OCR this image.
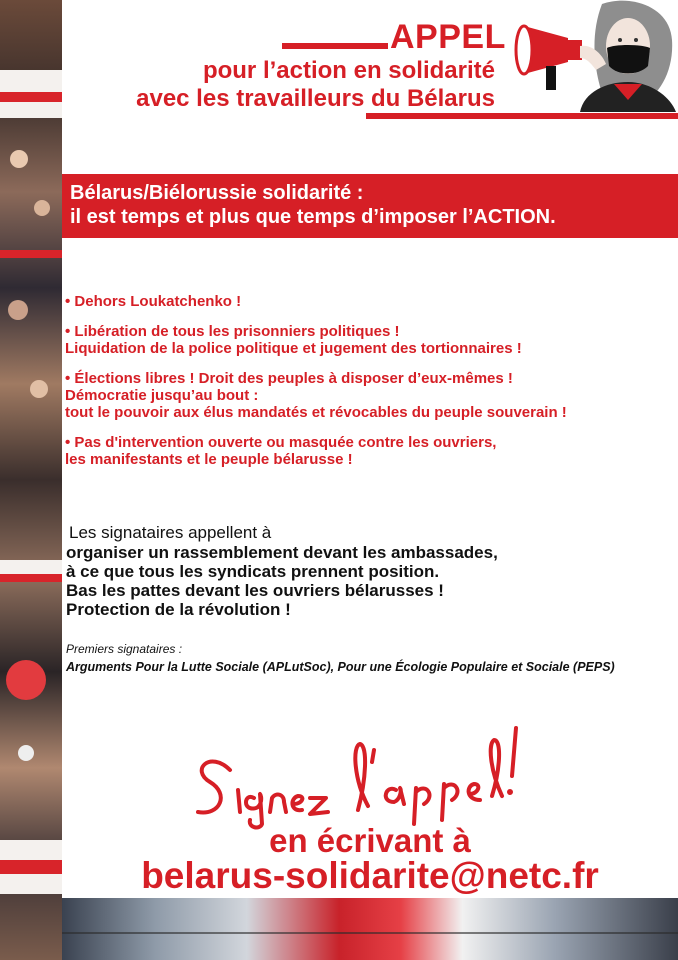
APPEL
pour l’action en solidarité
avec les travailleurs du Bélarus
Bélarus/Biélorussie solidarité :
il est temps et plus que temps d’imposer l’ACTION.
• Dehors Loukatchenko !
• Libération de tous les prisonniers politiques !
Liquidation de la police politique et jugement des tortionnaires !
• Élections libres ! Droit des peuples à disposer d’eux-mêmes !
Démocratie jusqu’au bout :
tout le pouvoir aux élus mandatés et révocables du peuple souverain !
• Pas d'intervention ouverte ou masquée contre les ouvriers,
les manifestants et le peuple bélarusse !
Les signataires appellent à
organiser un rassemblement devant les ambassades,
à ce que tous les syndicats prennent position.
Bas les pattes devant les ouvriers bélarusses !
Protection de la révolution !
Premiers signataires :
Arguments Pour la Lutte Sociale (APLutSoc), Pour une Écologie Populaire et Sociale (PEPS)
Signez l'appel !
en écrivant à
belarus-solidarite@netc.fr
